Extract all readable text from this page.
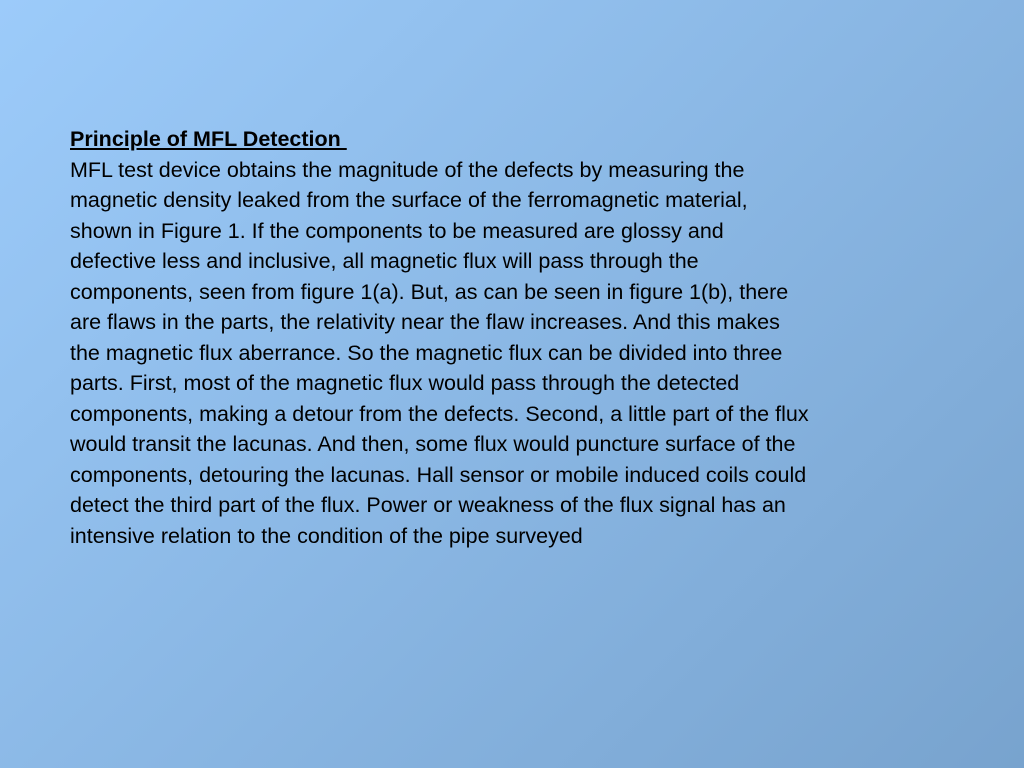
Principle of MFL Detection
MFL test device obtains the magnitude of the defects by measuring the
magnetic density leaked from the surface of the ferromagnetic material,
shown in Figure 1. If the components to be measured are glossy and
defective less and inclusive, all magnetic flux will pass through the
components, seen from figure 1(a). But, as can be seen in figure 1(b), there
are flaws in the parts, the relativity near the flaw increases. And this makes
the magnetic flux aberrance. So the magnetic flux can be divided into three
parts. First, most of the magnetic flux would pass through the detected
components, making a detour from the defects. Second, a little part of the flux
would transit the lacunas. And then, some flux would puncture surface of the
components, detouring the lacunas. Hall sensor or mobile induced coils could
detect the third part of the flux. Power or weakness of the flux signal has an
intensive relation to the condition of the pipe surveyed
